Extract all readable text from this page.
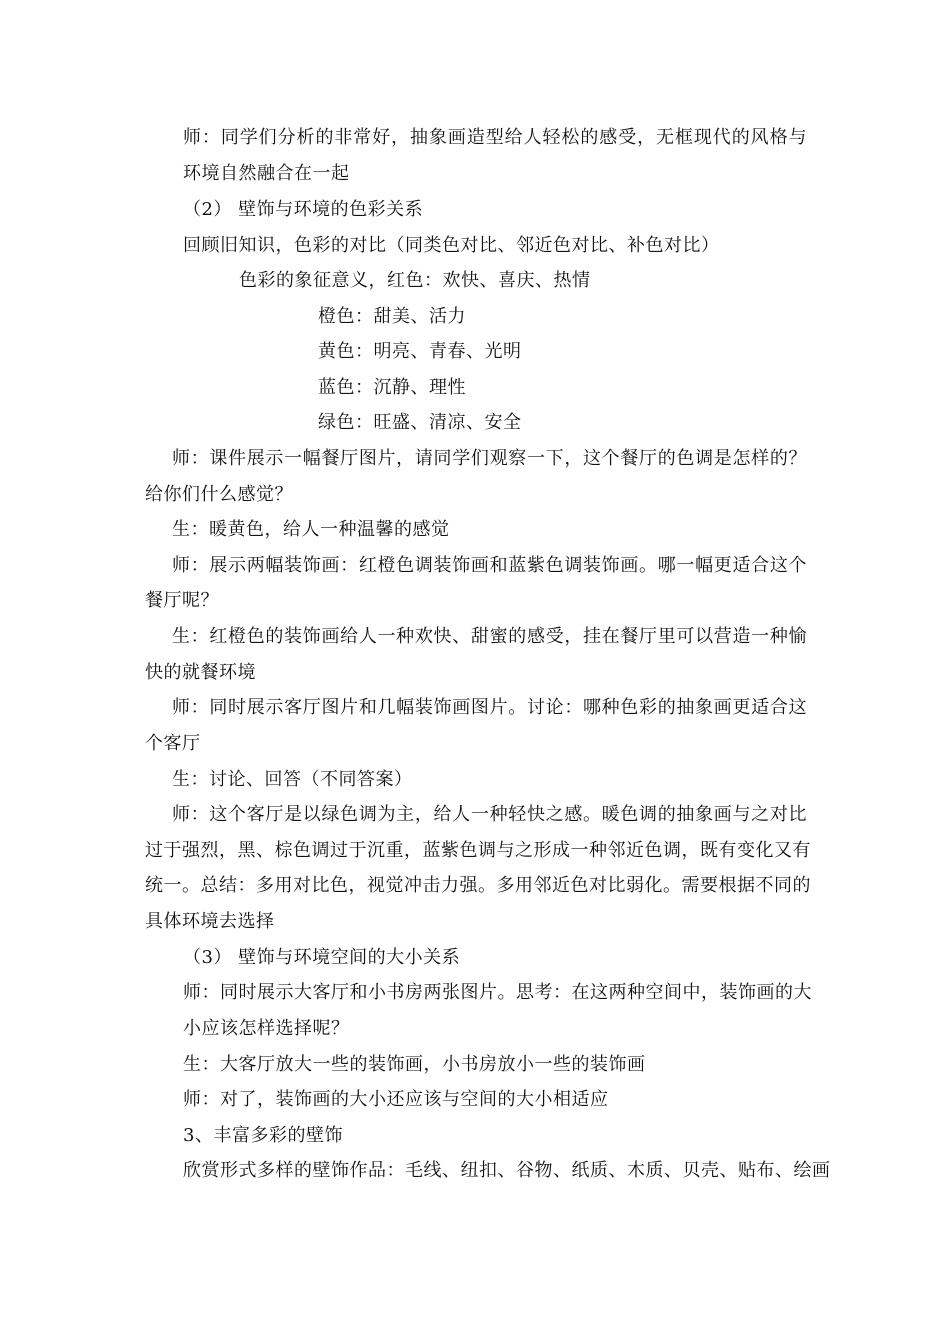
师：同学们分析的非常好，抽象画造型给人轻松的感受，无框现代的风格与
环境自然融合在一起
（2） 壁饰与环境的色彩关系
回顾旧知识，色彩的对比（同类色对比、邻近色对比、补色对比）
色彩的象征意义，红色：欢快、喜庆、热情
橙色：甜美、活力
黄色：明亮、青春、光明
蓝色：沉静、理性
绿色：旺盛、清凉、安全
师：课件展示一幅餐厅图片，请同学们观察一下，这个餐厅的色调是怎样的？
给你们什么感觉？
生：暖黄色，给人一种温馨的感觉
师：展示两幅装饰画：红橙色调装饰画和蓝紫色调装饰画。哪一幅更适合这个
餐厅呢？
生：红橙色的装饰画给人一种欢快、甜蜜的感受，挂在餐厅里可以营造一种愉
快的就餐环境
师：同时展示客厅图片和几幅装饰画图片。讨论：哪种色彩的抽象画更适合这
个客厅
生：讨论、回答（不同答案）
师：这个客厅是以绿色调为主，给人一种轻快之感。暖色调的抽象画与之对比
过于强烈，黑、棕色调过于沉重，蓝紫色调与之形成一种邻近色调，既有变化又有
统一。总结：多用对比色，视觉冲击力强。多用邻近色对比弱化。需要根据不同的
具体环境去选择
（3） 壁饰与环境空间的大小关系
师：同时展示大客厅和小书房两张图片。思考：在这两种空间中，装饰画的大
小应该怎样选择呢？
生：大客厅放大一些的装饰画，小书房放小一些的装饰画
师：对了，装饰画的大小还应该与空间的大小相适应
3、丰富多彩的壁饰
欣赏形式多样的壁饰作品：毛线、纽扣、谷物、纸质、木质、贝壳、贴布、绘画
